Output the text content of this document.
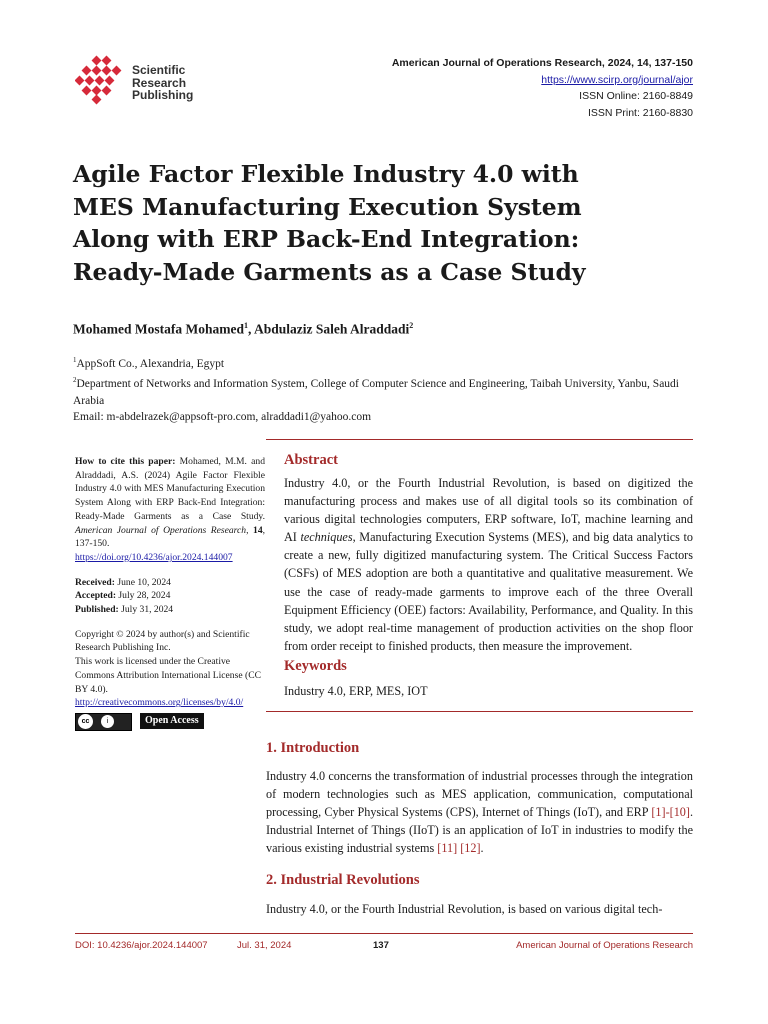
Scientific
Research
Publishing
American Journal of Operations Research, 2024, 14, 137-150
https://www.scirp.org/journal/ajor
ISSN Online: 2160-8849
ISSN Print: 2160-8830
Agile Factor Flexible Industry 4.0 with
MES Manufacturing Execution System
Along with ERP Back-End Integration:
Ready-Made Garments as a Case Study
Mohamed Mostafa Mohamed$^1$, Abdulaziz Saleh Alraddadi$^2$
$^1$AppSoft Co., Alexandria, Egypt
$^2$Department of Networks and Information System, College of Computer Science and Engineering, Taibah University, Yanbu, Saudi Arabia
Email: m-abdelrazek@appsoft-pro.com, alraddadi1@yahoo.com

How to cite this paper: Mohamed, M.M. and Alraddadi, A.S. (2024) Agile Factor Flexible Industry 4.0 with MES Manufacturing Execution System Along with ERP Back-End Integration: Ready-Made Garments as a Case Study. American Journal of Operations Research, 14, 137-150.
https://doi.org/10.4236/ajor.2024.144007

Received: June 10, 2024

Accepted: July 28, 2024

Published: July 31, 2024

Copyright © 2024 by author(s) and Scientific Research Publishing Inc.

This work is licensed under the Creative Commons Attribution International License (CC BY 4.0).

http://creativecommons.org/licenses/by/4.0/

cc	i	Open Access
Abstract
Industry 4.0, or the Fourth Industrial Revolution, is based on digitized the manufacturing process and makes use of all digital tools so its combination of various digital technologies computers, ERP software, IoT, machine learning and AI techniques, Manufacturing Execution Systems (MES), and big data analytics to create a new, fully digitized manufacturing system. The Critical Success Factors (CSFs) of MES adoption are both a quantitative and qualitative measurement. We use the case of ready-made garments to improve each of the three Overall Equipment Efficiency (OEE) factors: Availability, Performance, and Quality. In this study, we adopt real-time management of production activities on the shop floor from order receipt to finished products, then measure the improvement.
Keywords
Industry 4.0, ERP, MES, IOT
1. Introduction
Industry 4.0 concerns the transformation of industrial processes through the integration of modern technologies such as MES application, communication, computational processing, Cyber Physical Systems (CPS), Internet of Things (IoT), and ERP [1]-[10]. Industrial Internet of Things (IIoT) is an application of IoT in industries to modify the various existing industrial systems [11] [12].
2. Industrial Revolutions
Industry 4.0, or the Fourth Industrial Revolution, is based on various digital tech-
DOI: 10.4236/ajor.2024.144007	Jul. 31, 2024	137	American Journal of Operations Research
